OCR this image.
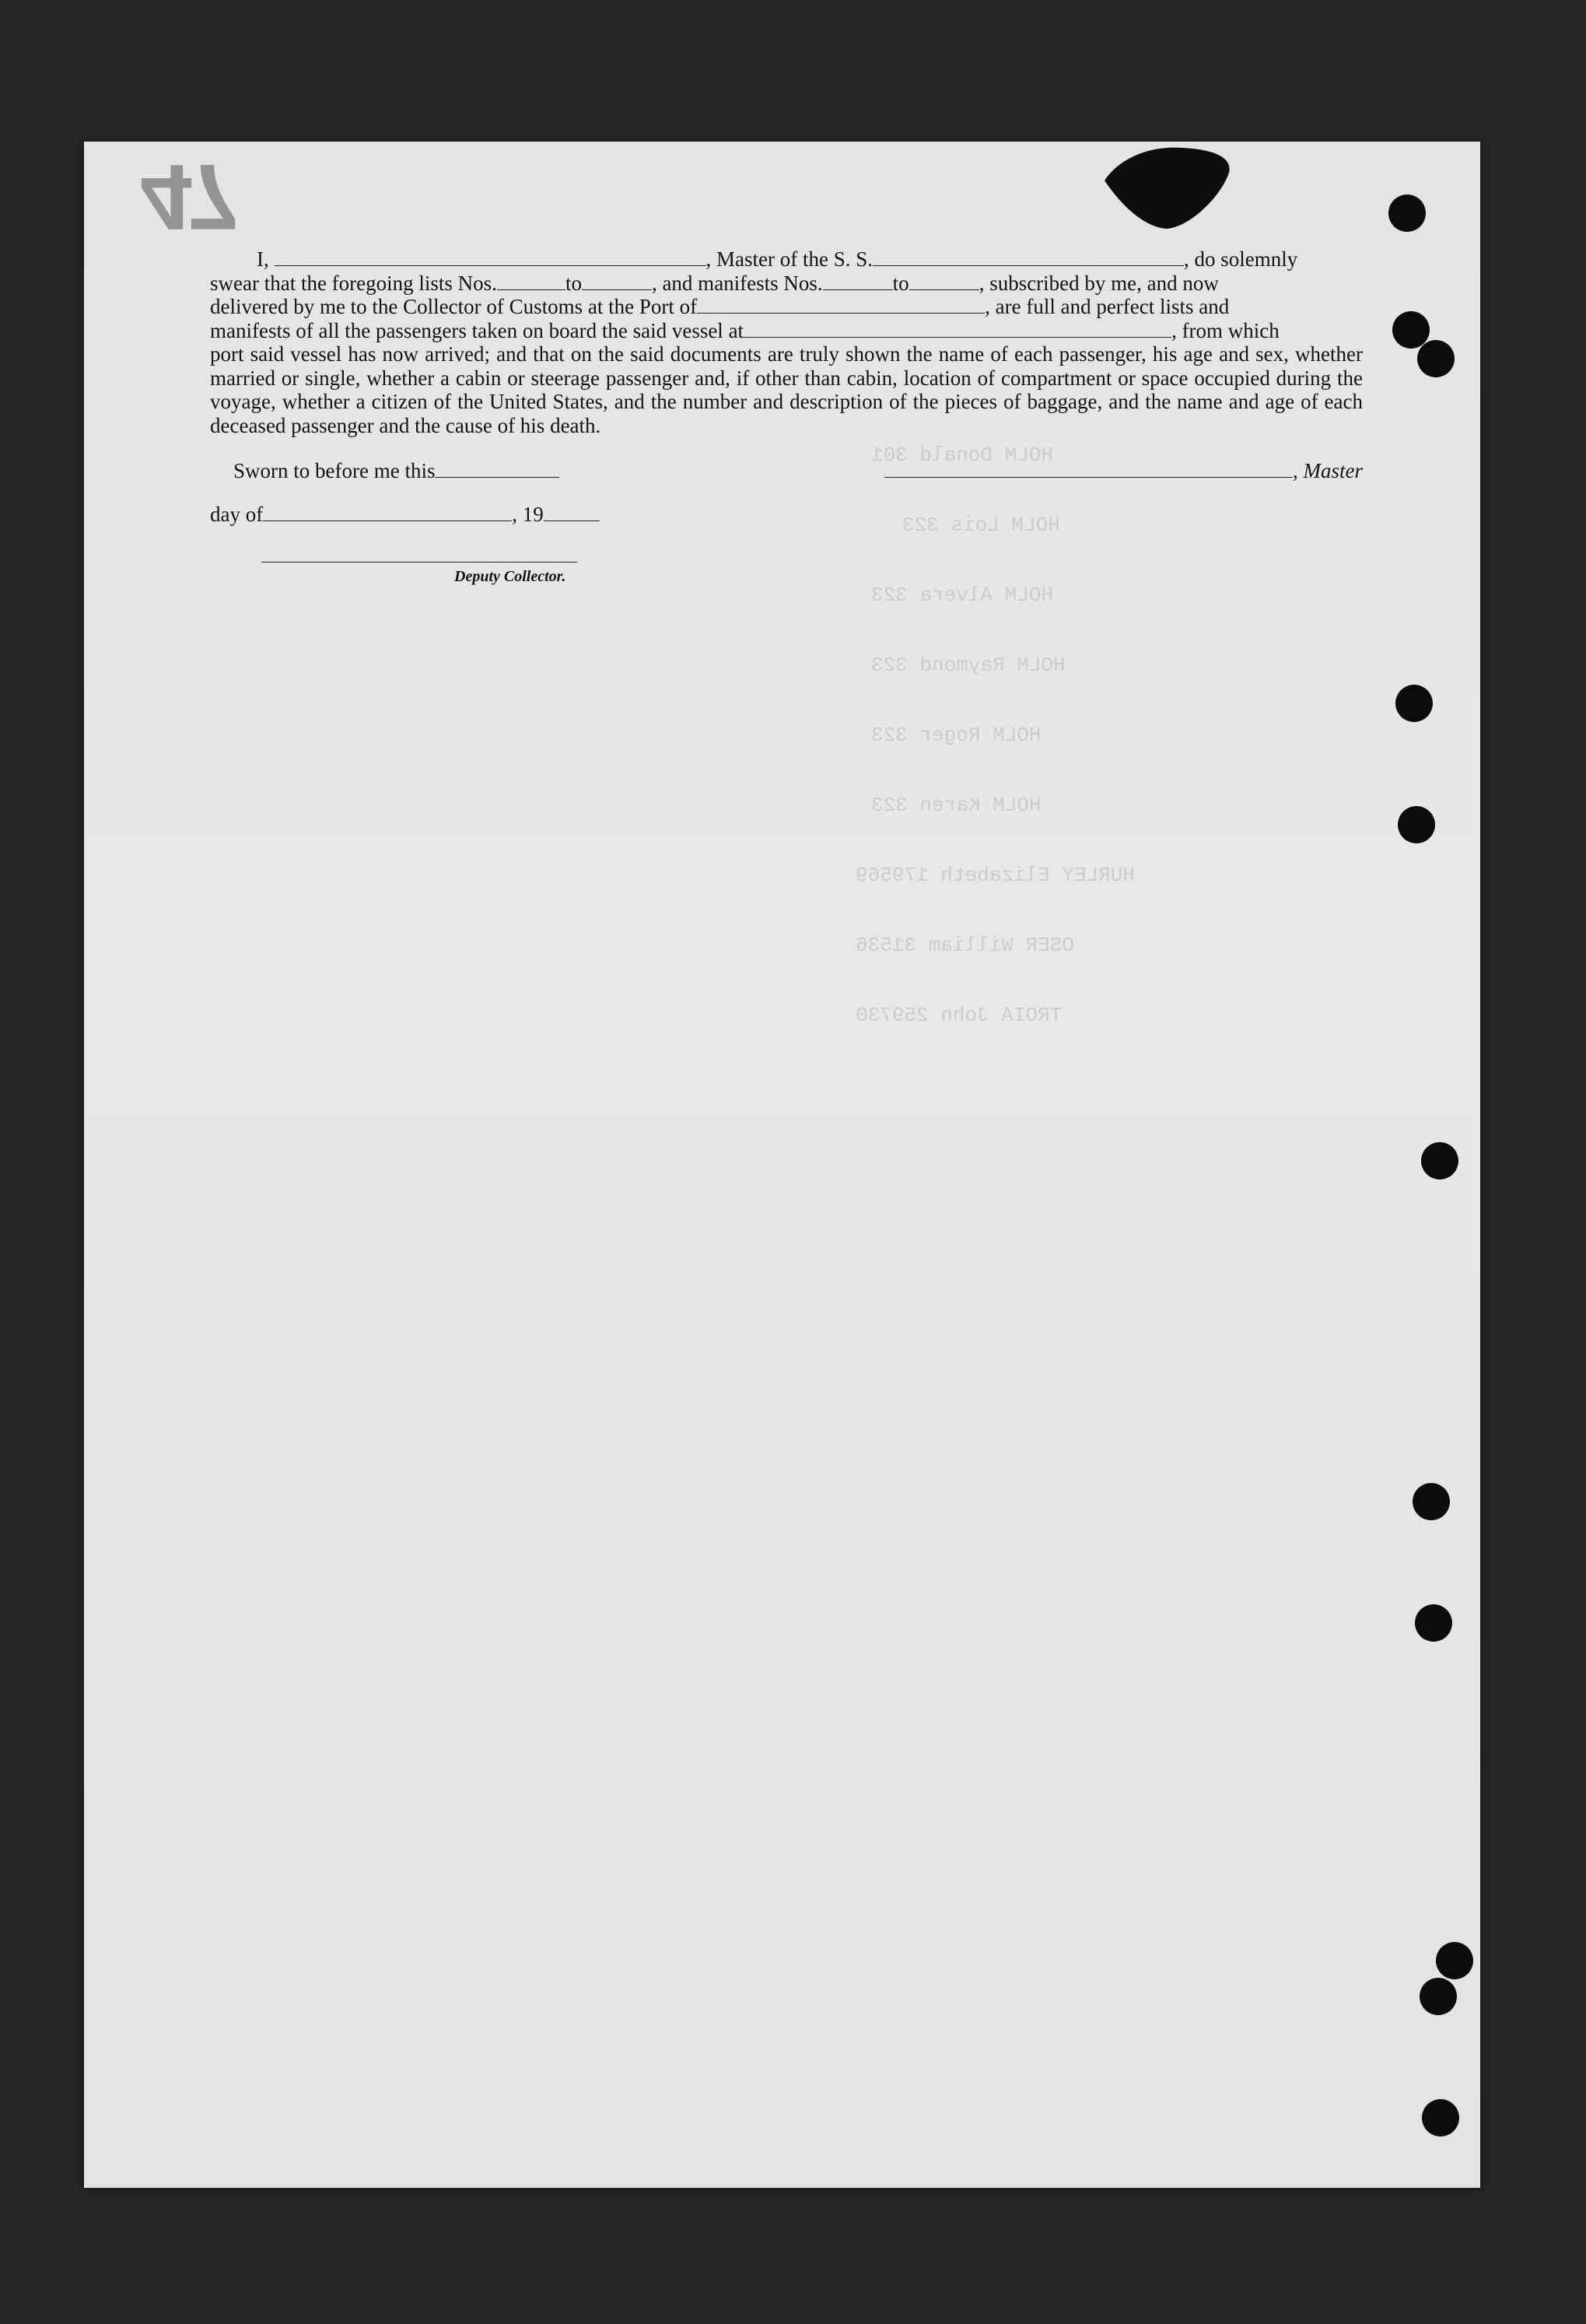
47
HOLM Donald 301
HOLM Lois 323
HOLM Alvera 323
HOLM Raymond 323
HOLM Roger 323
HOLM Karen 323
HURLEY Elizabeth 179569
OSER William 31536
TROIA John 259730
I,	, Master of the S. S.	, do solemnly
swear that the foregoing lists Nos.	to	, and manifests Nos.	to	, subscribed by me, and now
delivered by me to the Collector of Customs at the Port of	, are full and perfect lists and
manifests of all the passengers taken on board the said vessel at	, from which
port said vessel has now arrived; and that on the said documents are truly shown the name of each passenger, his age and sex, whether married or single, whether a cabin or steerage passenger and, if other than cabin, location of compartment or space occupied during the voyage, whether a citizen of the United States, and the number and description of the pieces of baggage, and the name and age of each deceased passenger and the cause of his death.
Sworn to before me this	, Master
day of	, 19
Deputy Collector.
